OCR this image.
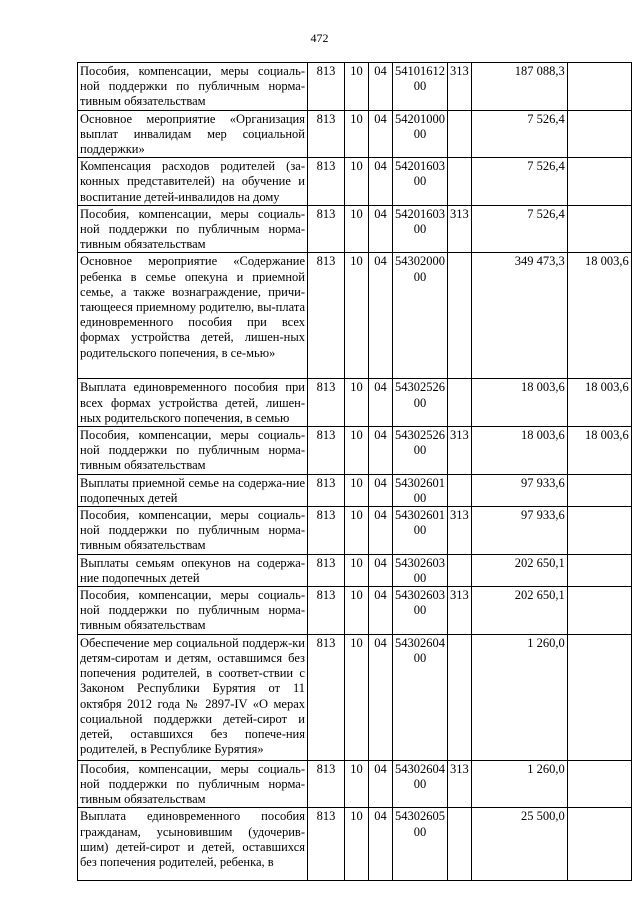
472
Пособия, компенсации, меры социаль-ной поддержки по публичным норма-тивным обязательствам	813	10	04	5410161200	313	187 088,3	
Основное мероприятие «Организация выплат инвалидам мер социальной поддержки»	813	10	04	5420100000		7 526,4	
Компенсация расходов родителей (за-конных представителей) на обучение и воспитание детей-инвалидов на дому	813	10	04	5420160300		7 526,4	
Пособия, компенсации, меры социаль-ной поддержки по публичным норма-тивным обязательствам	813	10	04	5420160300	313	7 526,4	
Основное мероприятие «Содержание ребенка в семье опекуна и приемной семье, а также вознаграждение, причи-тающееся приемному родителю, вы-плата единовременного пособия при всех формах устройства детей, лишен-ных родительского попечения, в се-мью»	813	10	04	5430200000		349 473,3	18 003,6
Выплата единовременного пособия при всех формах устройства детей, лишен-ных родительского попечения, в семью	813	10	04	5430252600		18 003,6	18 003,6
Пособия, компенсации, меры социаль-ной поддержки по публичным норма-тивным обязательствам	813	10	04	5430252600	313	18 003,6	18 003,6
Выплаты приемной семье на содержа-ние подопечных детей	813	10	04	5430260100		97 933,6	
Пособия, компенсации, меры социаль-ной поддержки по публичным норма-тивным обязательствам	813	10	04	5430260100	313	97 933,6	
Выплаты семьям опекунов на содержа-ние подопечных детей	813	10	04	5430260300		202 650,1	
Пособия, компенсации, меры социаль-ной поддержки по публичным норма-тивным обязательствам	813	10	04	5430260300	313	202 650,1	
Обеспечение мер социальной поддерж-ки детям-сиротам и детям, оставшимся без попечения родителей, в соответ-ствии с Законом Республики Бурятия от 11 октября 2012 года № 2897-IV «О мерах социальной поддержки детей-сирот и детей, оставшихся без попече-ния родителей, в Республике Бурятия»	813	10	04	5430260400		1 260,0	
Пособия, компенсации, меры социаль-ной поддержки по публичным норма-тивным обязательствам	813	10	04	5430260400	313	1 260,0	
Выплата единовременного пособия гражданам, усыновившим (удочерив-шим) детей-сирот и детей, оставшихся без попечения родителей, ребенка, в	813	10	04	5430260500		25 500,0	
